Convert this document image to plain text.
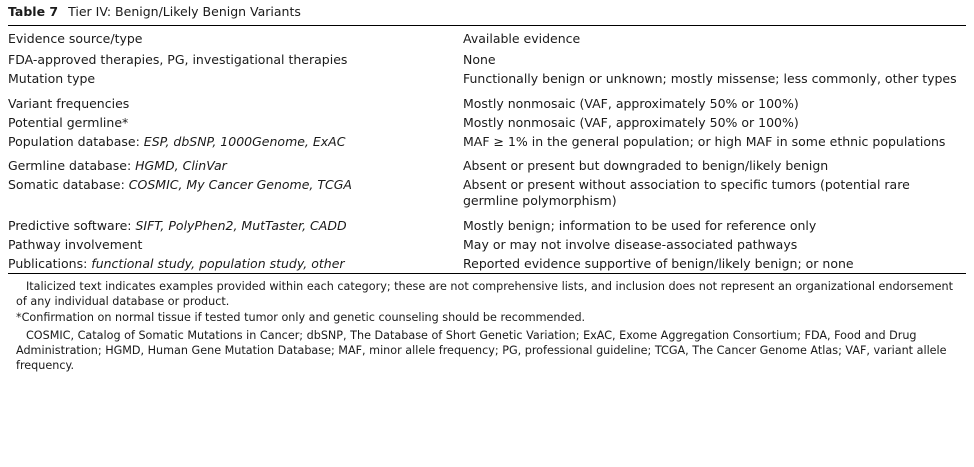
Table 7 Tier IV: Benign/Likely Benign Variants
Evidence source/type	Available evidence
FDA-approved therapies, PG, investigational therapies	None
Mutation type	Functionally benign or unknown; mostly missense; less commonly, other types
Variant frequencies	Mostly nonmosaic (VAF, approximately 50% or 100%)
Potential germline*	Mostly nonmosaic (VAF, approximately 50% or 100%)
Population database: ESP, dbSNP, 1000Genome, ExAC	MAF ≥ 1% in the general population; or high MAF in some ethnic populations
Germline database: HGMD, ClinVar	Absent or present but downgraded to benign/likely benign
Somatic database: COSMIC, My Cancer Genome, TCGA	Absent or present without association to specific tumors (potential rare germline polymorphism)
Predictive software: SIFT, PolyPhen2, MutTaster, CADD	Mostly benign; information to be used for reference only
Pathway involvement	May or may not involve disease-associated pathways
Publications: functional study, population study, other	Reported evidence supportive of benign/likely benign; or none

Italicized text indicates examples provided within each category; these are not comprehensive lists, and inclusion does not represent an organizational endorsement of any individual database or product.

*Confirmation on normal tissue if tested tumor only and genetic counseling should be recommended.

COSMIC, Catalog of Somatic Mutations in Cancer; dbSNP, The Database of Short Genetic Variation; ExAC, Exome Aggregation Consortium; FDA, Food and Drug Administration; HGMD, Human Gene Mutation Database; MAF, minor allele frequency; PG, professional guideline; TCGA, The Cancer Genome Atlas; VAF, variant allele frequency.
